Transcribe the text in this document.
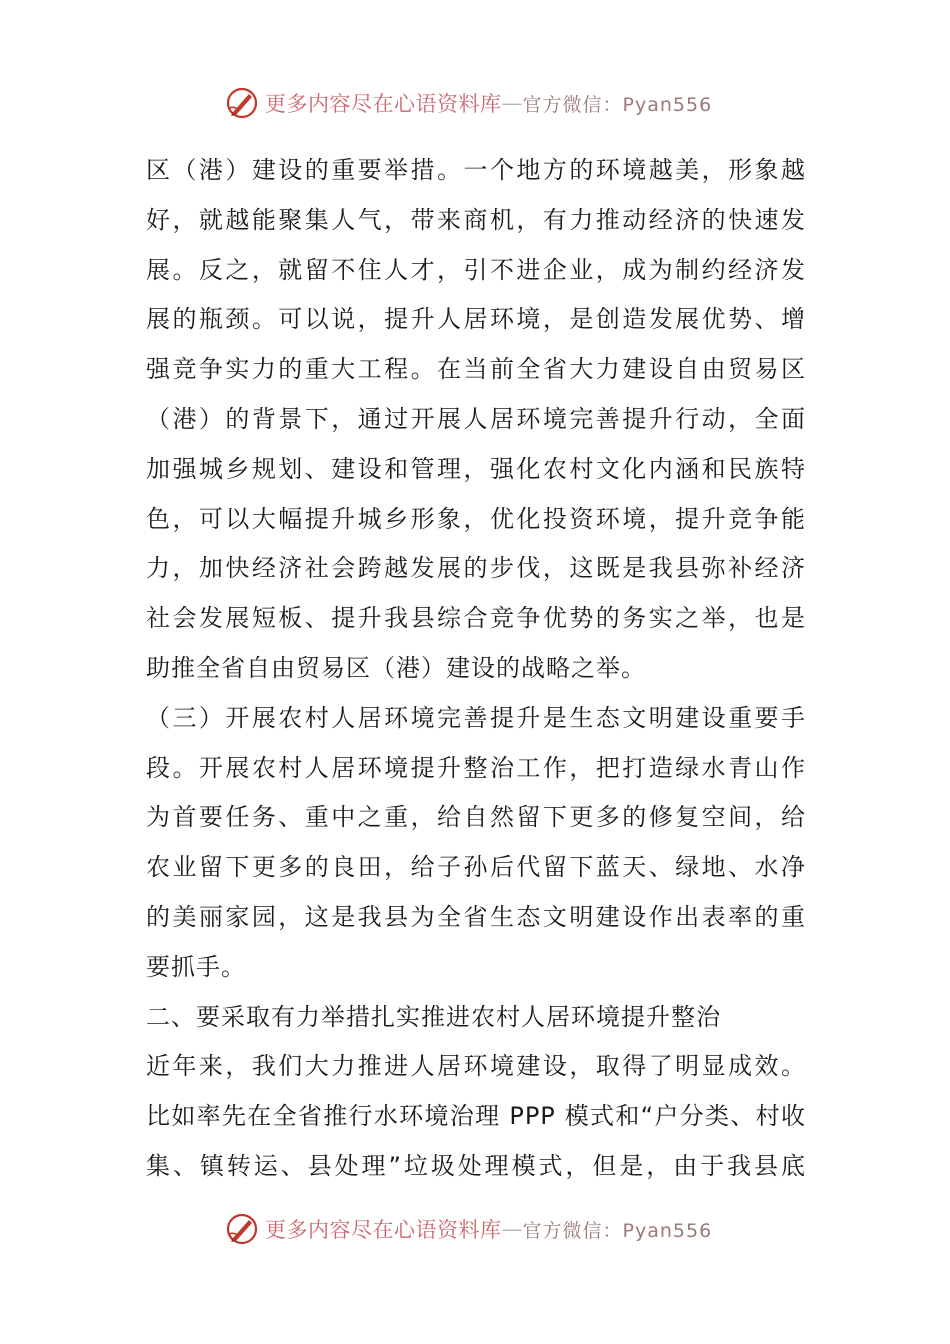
更多内容尽在心语资料库 — 官方微信：Pyan556
区（港）建设的重要举措。一个地方的环境越美，形象越
好，就越能聚集人气，带来商机，有力推动经济的快速发
展。反之，就留不住人才，引不进企业，成为制约经济发
展的瓶颈。可以说，提升人居环境，是创造发展优势、增
强竞争实力的重大工程。在当前全省大力建设自由贸易区
（港）的背景下，通过开展人居环境完善提升行动，全面
加强城乡规划、建设和管理，强化农村文化内涵和民族特
色，可以大幅提升城乡形象，优化投资环境，提升竞争能
力，加快经济社会跨越发展的步伐，这既是我县弥补经济
社会发展短板、提升我县综合竞争优势的务实之举，也是
助推全省自由贸易区（港）建设的战略之举。
（三）开展农村人居环境完善提升是生态文明建设重要手
段。开展农村人居环境提升整治工作，把打造绿水青山作
为首要任务、重中之重，给自然留下更多的修复空间，给
农业留下更多的良田，给子孙后代留下蓝天、绿地、水净
的美丽家园，这是我县为全省生态文明建设作出表率的重
要抓手。
二、要采取有力举措扎实推进农村人居环境提升整治
近年来，我们大力推进人居环境建设，取得了明显成效。
比如率先在全省推行水环境治理 PPP 模式和“户分类、村收
集、镇转运、县处理”垃圾处理模式，但是，由于我县底
更多内容尽在心语资料库 — 官方微信：Pyan556
